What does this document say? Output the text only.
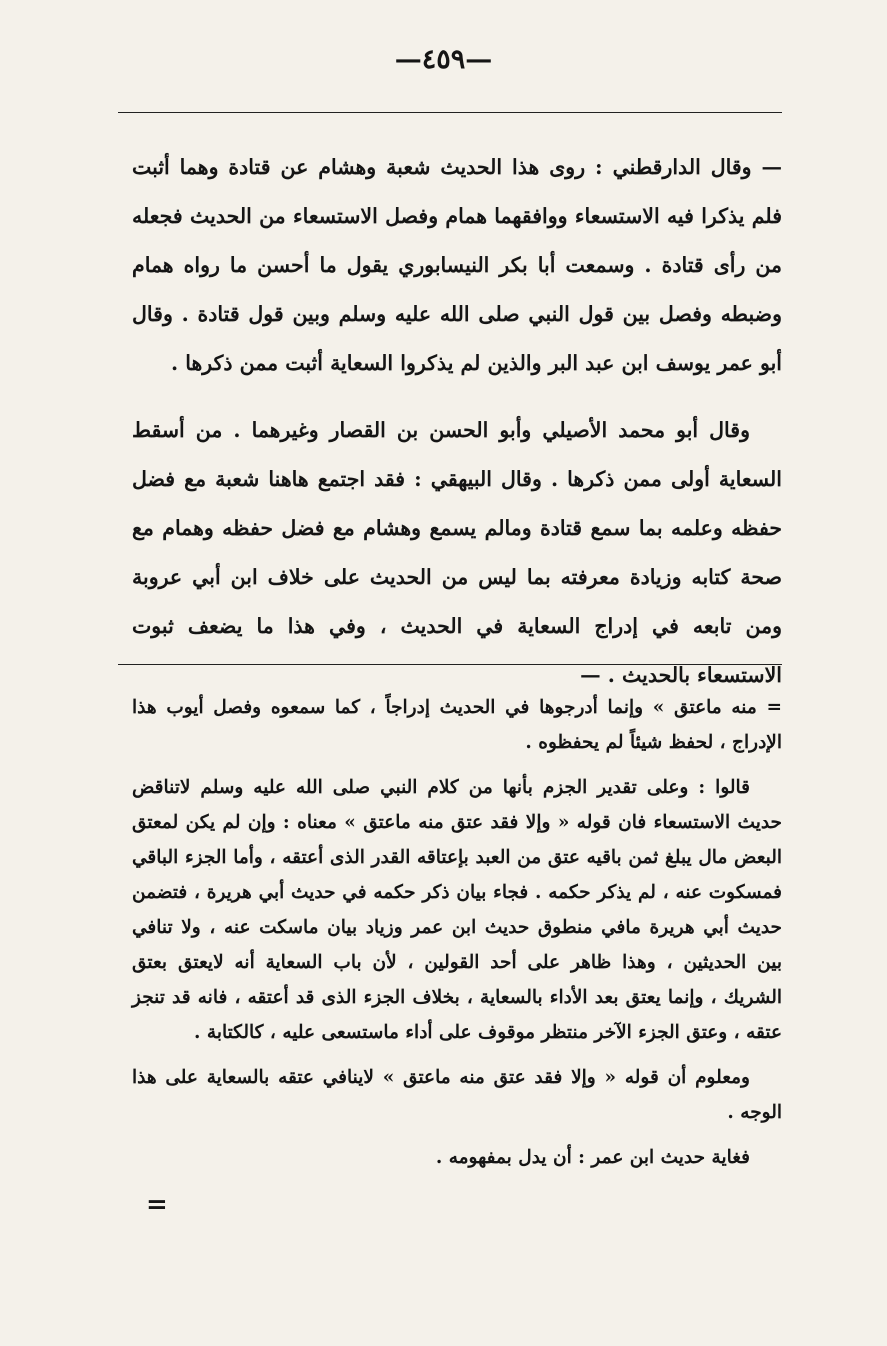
—٤٥٩—

— وقال الدارقطني : روى هذا الحديث شعبة وهشام عن قتادة وهما أثبت فلم يذكرا فيه الاستسعاء ووافقهما همام وفصل الاستسعاء من الحديث فجعله من رأى قتادة . وسمعت أبا بكر النيسابوري يقول ما أحسن ما رواه همام وضبطه وفصل بين قول النبي صلى الله عليه وسلم وبين قول قتادة . وقال أبو عمر يوسف ابن عبد البر والذين لم يذكروا السعاية أثبت ممن ذكرها .

وقال أبو محمد الأصيلي وأبو الحسن بن القصار وغيرهما . من أسقط السعاية أولى ممن ذكرها . وقال البيهقي : فقد اجتمع هاهنا شعبة مع فضل حفظه وعلمه بما سمع قتادة ومالم يسمع وهشام مع فضل حفظه وهمام مع صحة كتابه وزيادة معرفته بما ليس من الحديث على خلاف ابن أبي عروبة ومن تابعه في إدراج السعاية في الحديث ، وفي هذا ما يضعف ثبوت الاستسعاء بالحديث . —

= منه ماعتق » وإنما أدرجوها في الحديث إدراجاً ، كما سمعوه وفصل أيوب هذا الإدراج ، لحفظ شيئاً لم يحفظوه .

قالوا : وعلى تقدير الجزم بأنها من كلام النبي صلى الله عليه وسلم لاتناقض حديث الاستسعاء فان قوله « وإلا فقد عتق منه ماعتق » معناه : وإن لم يكن لمعتق البعض مال يبلغ ثمن باقيه عتق من العبد بإعتاقه القدر الذى أعتقه ، وأما الجزء الباقي فمسكوت عنه ، لم يذكر حكمه . فجاء بيان ذكر حكمه في حديث أبي هريرة ، فتضمن حديث أبي هريرة مافي منطوق حديث ابن عمر وزياد بيان ماسكت عنه ، ولا تنافي بين الحديثين ، وهذا ظاهر على أحد القولين ، لأن باب السعاية أنه لايعتق بعتق الشريك ، وإنما يعتق بعد الأداء بالسعاية ، بخلاف الجزء الذى قد أعتقه ، فانه قد تنجز عتقه ، وعتق الجزء الآخر منتظر موقوف على أداء ماستسعى عليه ، كالكتابة .

ومعلوم أن قوله « وإلا فقد عتق منه ماعتق » لاينافي عتقه بالسعاية على هذا الوجه .

فغاية حديث ابن عمر : أن يدل بمفهومه .

=
